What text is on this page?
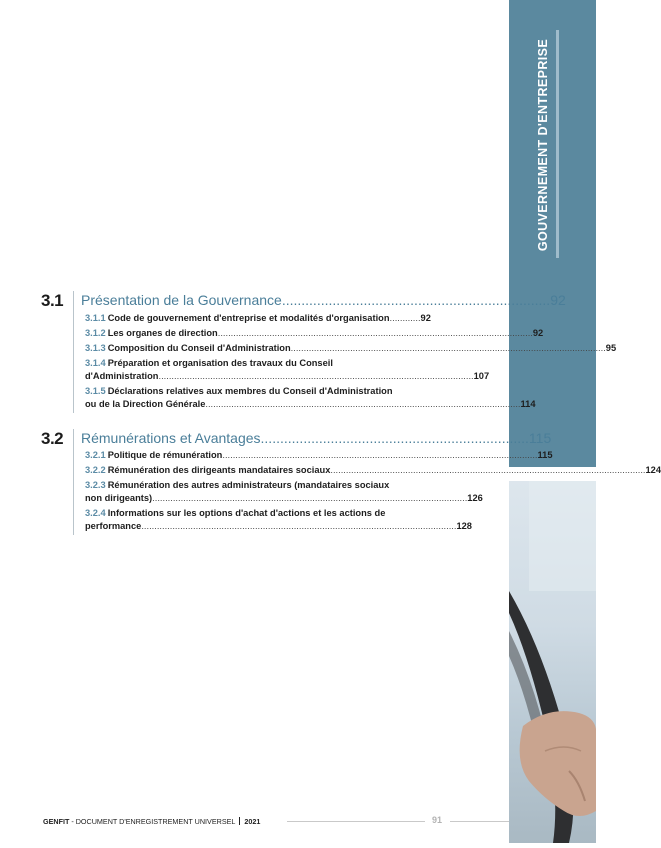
GOUVERNEMENT D'ENTREPRISE
3.1 Présentation de la Gouvernance ..................................................................... 92
3.1.1 Code de gouvernement d'entreprise et modalités d'organisation ............ 92
3.1.2 Les organes de direction .......................................................................................................................... 92
3.1.3 Composition du Conseil d'Administration .......................................................................................................................... 95
3.1.4 Préparation et organisation des travaux du Conseil
d'Administration .......................................................................................................................... 107
3.1.5 Déclarations relatives aux membres du Conseil d'Administration
ou de la Direction Générale .......................................................................................................................... 114
3.2 Rémunérations et Avantages ..................................................................... 115
3.2.1 Politique de rémunération .......................................................................................................................... 115
3.2.2 Rémunération des dirigeants mandataires sociaux .......................................................................................................................... 124
3.2.3 Rémunération des autres administrateurs (mandataires sociaux
non dirigeants) .......................................................................................................................... 126
3.2.4 Informations sur les options d'achat d'actions et les actions de
performance .......................................................................................................................... 128
GENFIT - DOCUMENT D'ENREGISTREMENT UNIVERSEL 2021	91
